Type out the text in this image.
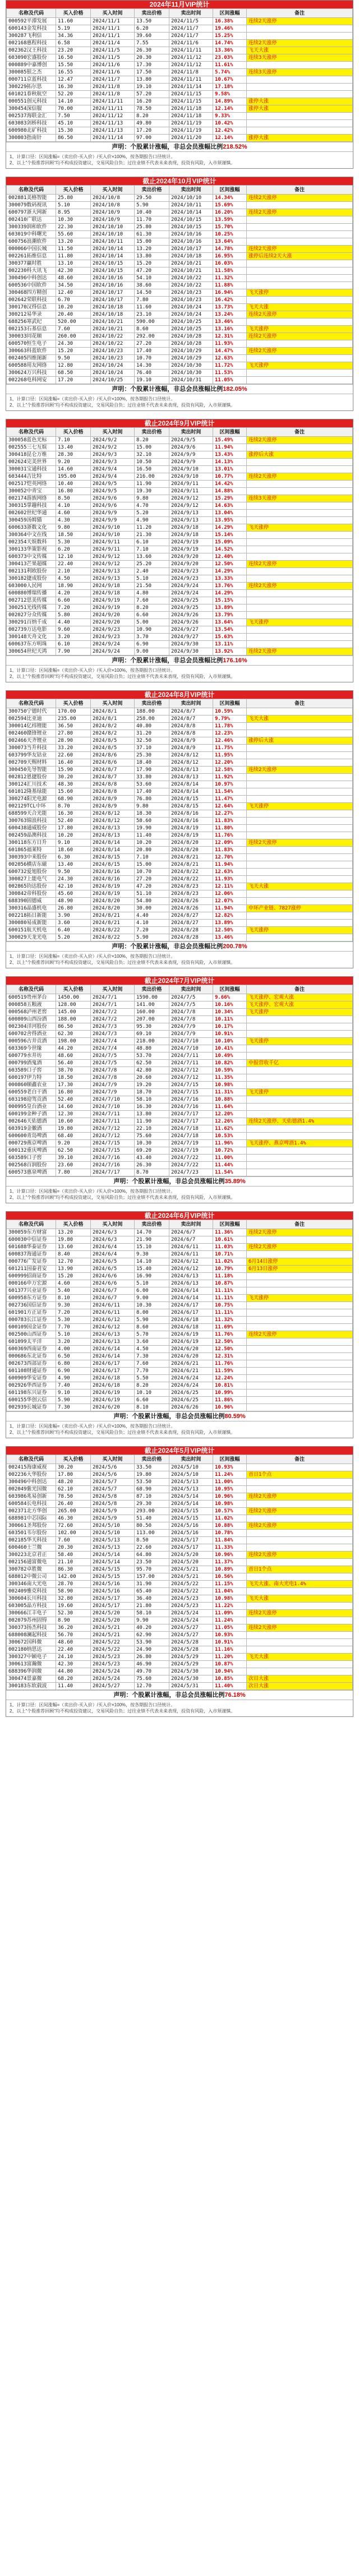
2024年11月VIP统计
名称及代码	买入价格	买入时间	卖出价格	卖出时间	区间涨幅	备注
000592平潭发展	11.60	2024/11/1	13.50	2024/11/5	16.38%	连续2天涨停
600143金发科技	5.19	2024/11/1	6.20	2024/11/7	19.46%	
300287飞利信	34.36	2024/11/1	39.60	2024/11/7	15.25%	
002168惠程科技	6.58	2024/11/4	7.55	2024/11/6	14.74%	连续2天涨停
002362汉王科技	23.20	2024/11/5	26.30	2024/11/11	13.36%	飞天大涨
603090宏盛股份	16.50	2024/11/5	20.30	2024/11/12	23.03%	连续3天涨停
000889中嘉博创	15.50	2024/11/6	17.30	2024/11/12	11.61%	
300085银之杰	16.55	2024/11/6	17.50	2024/11/8	5.74%	连续3天涨停
000711京蓝科技	12.47	2024/11/7	13.80	2024/11/11	10.67%	
300229拓尔思	16.30	2024/11/8	19.10	2024/11/14	17.18%	
601021春秋航空	52.20	2024/11/8	57.20	2024/11/15	9.58%	
000551创元科技	14.10	2024/11/11	16.20	2024/11/15	14.89%	涨停大涨
300454深信服	70.00	2024/11/11	78.50	2024/11/18	12.14%	涨停大涨
002537海联金汇	7.50	2024/11/12	8.20	2024/11/18	9.33%	
603083剑桥科技	45.10	2024/11/13	49.80	2024/11/19	10.42%	
600980北矿科技	15.30	2024/11/13	17.20	2024/11/19	12.42%	
300803指南针	86.50	2024/11/14	97.00	2024/11/20	12.14%	涨停大涨
声明：个股累计涨幅，非总会员涨幅比例218.52%

1、计算口径：区间涨幅=（卖出价-买入价）/买入价×100%，按各期报告口径统计。

2、以上"个股推荐回顾"均不构成投资建议，交易风险自负；过往业绩不代表未来表现，投资有风险，入市须谨慎。

截止2024年10月VIP统计
名称及代码	买入价格	买入时间	卖出价格	卖出时间	区间涨幅	备注
002881美格智能	25.80	2024/10/8	29.50	2024/10/10	14.34%	连续2天涨停
300079数码视讯	5.10	2024/10/8	5.90	2024/10/11	15.69%	
600797浙大网新	8.95	2024/10/9	10.40	2024/10/14	16.20%	连续2天涨停
002410广联达	10.30	2024/10/9	11.70	2024/10/15	13.59%	
300339润和软件	22.30	2024/10/10	25.80	2024/10/15	15.70%	
603019中科曙光	55.60	2024/10/10	61.30	2024/10/16	10.25%	
600756浪潮软件	13.20	2024/10/11	15.00	2024/10/16	13.64%	
000066中国长城	11.50	2024/10/14	13.20	2024/10/17	14.78%	连续2天涨停
002261拓维信息	11.80	2024/10/14	13.80	2024/10/18	16.95%	涨停后连续2天大涨
300377赢时胜	13.10	2024/10/15	15.20	2024/10/21	16.03%	
002230科大讯飞	42.30	2024/10/15	47.20	2024/10/21	11.58%	
300496中科创达	48.60	2024/10/16	54.10	2024/10/22	11.32%	
600536中国软件	34.50	2024/10/16	38.60	2024/10/22	11.88%	
300468四方精创	12.40	2024/10/17	14.50	2024/10/23	16.94%	飞天涨停
002642荣联科技	6.70	2024/10/17	7.80	2024/10/23	16.42%	
300170汉得信息	10.20	2024/10/18	11.60	2024/10/24	13.73%	飞天大涨
300212易华录	20.40	2024/10/18	23.10	2024/10/24	13.24%	连续2天涨停
688256寒武纪	520.00	2024/10/21	590.00	2024/10/25	13.46%	
002153石基信息	7.60	2024/10/21	8.60	2024/10/25	13.16%	飞天涨停
300033同花顺	260.00	2024/10/22	292.00	2024/10/28	12.31%	连续2天涨停
600570恒生电子	24.30	2024/10/22	27.20	2024/10/28	11.93%	
300663科蓝软件	15.20	2024/10/23	17.40	2024/10/29	14.47%	连续2天涨停
002405四维图新	9.50	2024/10/23	10.70	2024/10/29	12.63%	
600588用友网络	12.80	2024/10/24	14.30	2024/10/30	11.72%	飞天涨停
300624万兴科技	68.50	2024/10/24	76.40	2024/10/30	11.53%	
002268电科网安	17.20	2024/10/25	19.10	2024/10/31	11.05%	
声明：个股累计涨幅，非总会员涨幅比例182.05%

1、计算口径：区间涨幅=（卖出价-买入价）/买入价×100%，按各期报告口径统计。

2、以上"个股推荐回顾"均不构成投资建议，交易风险自负；过往业绩不代表未来表现，投资有风险，入市须谨慎。

截止2024年9月VIP统计
名称及代码	买入价格	买入时间	卖出价格	卖出时间	区间涨幅	备注
300058蓝色光标	7.10	2024/9/2	8.20	2024/9/5	15.49%	连续2天涨停
002555三七互娱	13.40	2024/9/2	15.00	2024/9/6	11.94%	
300418昆仑万维	28.30	2024/9/3	32.10	2024/9/9	13.43%	涨停后大涨
002624完美世界	9.20	2024/9/3	10.50	2024/9/9	14.13%	
300031宝通科技	14.60	2024/9/4	16.50	2024/9/10	13.01%	
603444吉比特	195.00	2024/9/4	216.00	2024/9/10	10.77%	连续2天涨停
002517恺英网络	10.40	2024/9/5	11.90	2024/9/11	14.42%	
300052中青宝	16.80	2024/9/5	19.30	2024/9/11	14.88%	
002174游族网络	8.50	2024/9/6	9.80	2024/9/12	15.29%	连续3天涨停
300315掌趣科技	4.10	2024/9/6	4.70	2024/9/12	14.63%	
002602世纪华通	4.60	2024/9/9	5.20	2024/9/13	13.04%	
300459汤姆猫	4.30	2024/9/9	4.90	2024/9/13	13.95%	
600633浙数文化	9.80	2024/9/10	11.20	2024/9/18	14.29%	飞天涨停
300364中文在线	18.50	2024/9/10	21.30	2024/9/18	15.14%	
002354天娱数科	5.30	2024/9/11	6.10	2024/9/19	15.09%	
300133华策影视	6.20	2024/9/11	7.10	2024/9/19	14.52%	
600373中文传媒	12.10	2024/9/12	13.60	2024/9/20	12.40%	
300413芒果超媒	22.40	2024/9/12	25.20	2024/9/20	12.50%	连续2天涨停
002131利欧股份	2.10	2024/9/13	2.40	2024/9/23	14.29%	
300182捷成股份	4.50	2024/9/13	5.10	2024/9/23	13.33%	
603000人民网	18.90	2024/9/18	21.50	2024/9/24	13.76%	连续2天涨停
600880博瑞传播	4.20	2024/9/18	4.80	2024/9/24	14.29%	
002712思美传媒	6.60	2024/9/19	7.60	2024/9/25	15.15%	
300251光线传媒	7.20	2024/9/19	8.20	2024/9/25	13.89%	
002027分众传媒	5.80	2024/9/20	6.60	2024/9/26	13.79%	
300291百纳千成	4.40	2024/9/20	5.00	2024/9/26	13.64%	飞天涨停
002739万达电影	9.60	2024/9/23	10.90	2024/9/27	13.54%	
300148天舟文化	3.20	2024/9/23	3.70	2024/9/27	15.63%	
600637东方明珠	6.10	2024/9/24	6.90	2024/9/30	13.11%	
300654世纪天鸿	7.90	2024/9/24	9.00	2024/9/30	13.92%	连续2天涨停
声明：个股累计涨幅，非总会员涨幅比例176.16%

1、计算口径：区间涨幅=（卖出价-买入价）/买入价×100%，按各期报告口径统计。

2、以上"个股推荐回顾"均不构成投资建议，交易风险自负；过往业绩不代表未来表现，投资有风险，入市须谨慎。

截止2024年8月VIP统计
名称及代码	买入价格	买入时间	卖出价格	卖出时间	区间涨幅	备注
300750宁德时代	170.00	2024/8/1	188.00	2024/8/7	10.59%	
002594比亚迪	235.00	2024/8/1	258.00	2024/8/7	9.79%	飞天大涨
300014亿纬锂能	36.50	2024/8/2	40.80	2024/8/8	11.78%	
002460赣锋锂业	27.80	2024/8/2	31.20	2024/8/8	12.23%	
002466天齐锂业	28.90	2024/8/5	32.50	2024/8/9	12.46%	涨停后大涨
300073当升科技	33.20	2024/8/5	37.10	2024/8/9	11.75%	
603799华友钴业	22.60	2024/8/6	25.30	2024/8/12	11.95%	
002709天赐材料	16.40	2024/8/6	18.40	2024/8/12	12.20%	
300450先导智能	15.90	2024/8/7	17.90	2024/8/13	12.58%	连续2天涨停
002812恩捷股份	30.20	2024/8/7	33.80	2024/8/13	11.92%	
300124汇川技术	48.30	2024/8/8	53.60	2024/8/14	10.97%	
601012隆基绿能	15.60	2024/8/8	17.40	2024/8/14	11.54%	
300274阳光电源	68.90	2024/8/9	76.80	2024/8/15	11.47%	
002129TCL中环	8.70	2024/8/9	9.80	2024/8/15	12.64%	飞天涨停
688599天合光能	16.30	2024/8/12	18.30	2024/8/16	12.27%	
300763锦浪科技	52.40	2024/8/12	58.60	2024/8/16	11.83%	
600438通威股份	17.80	2024/8/13	19.90	2024/8/19	11.80%	
002459晶澳科技	10.20	2024/8/13	11.40	2024/8/19	11.76%	
300118东方日升	9.10	2024/8/14	10.20	2024/8/20	12.09%	连续2天涨停
601865福莱特	18.60	2024/8/14	20.80	2024/8/20	11.83%	
300393中来股份	6.30	2024/8/15	7.10	2024/8/21	12.70%	
002056横店东磁	13.40	2024/8/15	15.00	2024/8/21	11.94%	
600732爱旭股份	9.50	2024/8/16	10.70	2024/8/22	12.63%	
300827上能电气	24.30	2024/8/16	27.20	2024/8/22	11.93%	
002865钧达股份	42.10	2024/8/19	47.20	2024/8/23	12.11%	飞天大涨
300842帝科股份	45.60	2024/8/19	51.10	2024/8/23	12.06%	
688390固德威	48.90	2024/8/20	54.80	2024/8/26	12.07%	
300316晶盛机电	26.80	2024/8/20	30.00	2024/8/26	11.94%	中环产业链、7827涨停
002218拓日新能	3.90	2024/8/21	4.40	2024/8/27	12.82%	
300080易成新能	3.60	2024/8/21	4.10	2024/8/27	13.89%	
600151航天机电	6.40	2024/8/22	7.20	2024/8/28	12.50%	飞天涨停
300029天龙光电	5.20	2024/8/22	5.90	2024/8/28	13.46%	
声明：个股累计涨幅，非总会员涨幅比例200.78%

1、计算口径：区间涨幅=（卖出价-买入价）/买入价×100%，按各期报告口径统计。

2、以上"个股推荐回顾"均不构成投资建议，交易风险自负；过往业绩不代表未来表现，投资有风险，入市须谨慎。

截止2024年7月VIP统计
名称及代码	买入价格	买入时间	卖出价格	卖出时间	区间涨幅	备注
600519贵州茅台	1450.00	2024/7/1	1590.00	2024/7/5	9.66%	飞天涨停、宏观大涨
000858五粮液	128.00	2024/7/1	141.00	2024/7/5	10.16%	飞天涨停、宏观大涨
000568泸州老窖	145.00	2024/7/2	160.00	2024/7/8	10.34%	飞天涨停
600809山西汾酒	188.00	2024/7/2	207.00	2024/7/8	10.11%	
002304洋河股份	86.50	2024/7/3	95.30	2024/7/9	10.17%	
600702舍得酒业	62.30	2024/7/3	69.10	2024/7/9	10.91%	
000596古井贡酒	198.00	2024/7/4	218.00	2024/7/10	10.10%	飞天涨停
603369今世缘	44.20	2024/7/4	48.80	2024/7/10	10.41%	
600779水井坊	48.60	2024/7/5	53.70	2024/7/11	10.49%	
000799酒鬼酒	56.40	2024/7/5	62.50	2024/7/11	10.82%	中报营收千亿
603589口子窖	38.70	2024/7/8	42.80	2024/7/12	10.59%	
600197伊力特	18.50	2024/7/8	20.60	2024/7/12	11.35%	
000860顺鑫农业	17.30	2024/7/9	19.20	2024/7/15	10.98%	
600559老白干酒	16.80	2024/7/9	18.70	2024/7/15	11.31%	飞天涨停
603198迎驾贡酒	52.40	2024/7/10	58.10	2024/7/16	10.88%	
000995皇台酒业	14.60	2024/7/10	16.30	2024/7/16	11.64%	
600199金种子酒	12.30	2024/7/11	13.80	2024/7/17	12.20%	
002646天佑德酒	10.60	2024/7/11	11.90	2024/7/17	12.26%	连续2天涨停、天佑德酒1.4%
603919金徽酒	19.80	2024/7/12	22.10	2024/7/18	11.62%	
600600青岛啤酒	68.40	2024/7/12	75.60	2024/7/18	10.53%	
000729燕京啤酒	9.20	2024/7/15	10.30	2024/7/19	11.96%	飞天涨停、燕京啤酒1.4%
600132重庆啤酒	62.50	2024/7/15	69.20	2024/7/19	10.72%	
603589口子窖	39.10	2024/7/16	43.40	2024/7/22	11.00%	
002568百润股份	23.60	2024/7/16	26.30	2024/7/22	11.44%	
600573惠泉啤酒	7.80	2024/7/17	8.70	2024/7/23	11.54%	
声明：个股累计涨幅，非总会员涨幅比例35.89%

1、计算口径：区间涨幅=（卖出价-买入价）/买入价×100%，按各期报告口径统计。

2、以上"个股推荐回顾"均不构成投资建议，交易风险自负；过往业绩不代表未来表现，投资有风险，入市须谨慎。

截止2024年6月VIP统计
名称及代码	买入价格	买入时间	卖出价格	卖出时间	区间涨幅	备注
300059东方财富	13.20	2024/6/3	14.70	2024/6/7	11.36%	连续2天涨停
600030中信证券	19.80	2024/6/3	21.90	2024/6/7	10.61%	
601688华泰证券	13.60	2024/6/4	15.10	2024/6/11	11.03%	连续2天涨停
600837海通证券	8.40	2024/6/4	9.30	2024/6/11	10.71%	
000776广发证券	12.70	2024/6/5	14.10	2024/6/12	11.02%	6月14日涨停
601211国泰君安	13.90	2024/6/5	15.40	2024/6/12	10.79%	6月13日涨停
600999招商证券	15.20	2024/6/6	16.90	2024/6/13	11.18%	
000166申万宏源	4.60	2024/6/6	5.10	2024/6/13	10.87%	
601377兴业证券	5.40	2024/6/7	6.00	2024/6/14	11.11%	
600958东方证券	8.10	2024/6/7	9.00	2024/6/14	11.11%	飞天涨停
002736国信证券	9.30	2024/6/11	10.30	2024/6/17	10.75%	
601901方正证券	7.20	2024/6/11	8.00	2024/6/17	11.11%	
000783长江证券	5.30	2024/6/12	5.90	2024/6/18	11.32%	
600109国金证券	7.70	2024/6/12	8.60	2024/6/18	11.69%	
002500山西证券	5.10	2024/6/13	5.70	2024/6/19	11.76%	连续2天涨停
601099太平洋	3.20	2024/6/13	3.60	2024/6/19	12.50%	
600369西南证券	4.00	2024/6/14	4.50	2024/6/20	12.50%	
000686东北证券	6.50	2024/6/14	7.30	2024/6/20	12.31%	
002673西部证券	6.80	2024/6/17	7.60	2024/6/21	11.76%	
601108财通证券	6.90	2024/6/17	7.70	2024/6/21	11.59%	
600909华安证券	4.90	2024/6/18	5.50	2024/6/24	12.24%	
002926华西证券	7.40	2024/6/18	8.20	2024/6/24	10.81%	
601198东兴证券	9.10	2024/6/19	10.10	2024/6/25	10.99%	
600155华创云信	5.90	2024/6/19	6.60	2024/6/25	11.86%	
002939长城证券	7.30	2024/6/20	8.10	2024/6/26	10.96%	
声明：个股累计涨幅，非总会员涨幅比例80.59%

1、计算口径：区间涨幅=（卖出价-买入价）/买入价×100%，按各期报告口径统计。

2、以上"个股推荐回顾"均不构成投资建议，交易风险自负；过往业绩不代表未来表现，投资有风险，入市须谨慎。

截止2024年5月VIP统计
名称及代码	买入价格	买入时间	卖出价格	卖出时间	区间涨幅	备注
002415海康威视	30.20	2024/5/6	33.50	2024/5/10	10.93%	
002236大华股份	17.80	2024/5/6	19.80	2024/5/10	11.24%	首日1个点
300496中科创达	48.20	2024/5/7	53.50	2024/5/13	11.00%	
002049紫光国微	62.10	2024/5/7	68.90	2024/5/13	10.95%	
603986兆易创新	78.50	2024/5/8	87.10	2024/5/14	10.96%	连续2天涨停
600584长电科技	26.40	2024/5/8	29.30	2024/5/14	10.98%	
002371北方华创	265.00	2024/5/9	293.00	2024/5/15	10.57%	连续2天涨停
688981中芯国际	46.30	2024/5/9	51.40	2024/5/15	11.02%	
300661圣邦股份	72.60	2024/5/10	80.50	2024/5/16	10.88%	连续2天涨停
603501韦尔股份	102.00	2024/5/10	113.00	2024/5/16	10.78%	
002185华天科技	7.60	2024/5/13	8.50	2024/5/17	11.84%	
600460士兰微	20.30	2024/5/13	22.60	2024/5/17	11.33%	
300223北京君正	58.40	2024/5/14	64.80	2024/5/20	10.96%	连续2天涨停
002156通富微电	21.10	2024/5/14	23.50	2024/5/20	11.37%	
300782卓胜微	86.30	2024/5/15	95.70	2024/5/21	10.89%	首日1个点
688012中微公司	142.00	2024/5/15	157.00	2024/5/21	10.56%	
300346南大光电	28.70	2024/5/16	31.90	2024/5/22	11.15%	飞天大涨、南大光电1.4%
002409雅克科技	58.90	2024/5/16	65.40	2024/5/22	11.04%	
300604长川科技	32.80	2024/5/17	36.40	2024/5/23	10.98%	飞天大涨
603005晶方科技	19.60	2024/5/17	21.80	2024/5/23	11.22%	
300666江丰电子	52.30	2024/5/20	58.10	2024/5/24	11.09%	连续2天涨停
002079苏州固锝	8.90	2024/5/20	9.90	2024/5/24	11.24%	
300373扬杰科技	36.20	2024/5/21	40.20	2024/5/27	11.05%	连续2天涨停
688008澜起科技	56.70	2024/5/21	62.90	2024/5/27	10.93%	
300672国科微	48.60	2024/5/22	53.90	2024/5/28	10.91%	
002180纳思达	22.40	2024/5/22	24.90	2024/5/28	11.16%	
300327中颖电子	24.10	2024/5/23	26.80	2024/5/29	11.20%	飞天大涨
300613富瀚微	42.30	2024/5/23	46.90	2024/5/29	10.87%	
688396华润微	44.80	2024/5/24	49.70	2024/5/30	10.94%	
300474景嘉微	68.20	2024/5/24	75.60	2024/5/30	10.85%	次日大涨
300183东软载波	11.40	2024/5/27	12.70	2024/5/31	11.40%	次日大涨
声明：个股累计涨幅，非总会员涨幅比例76.18%

1、计算口径：区间涨幅=（卖出价-买入价）/买入价×100%，按各期报告口径统计。

2、以上"个股推荐回顾"均不构成投资建议，交易风险自负；过往业绩不代表未来表现，投资有风险，入市须谨慎。
